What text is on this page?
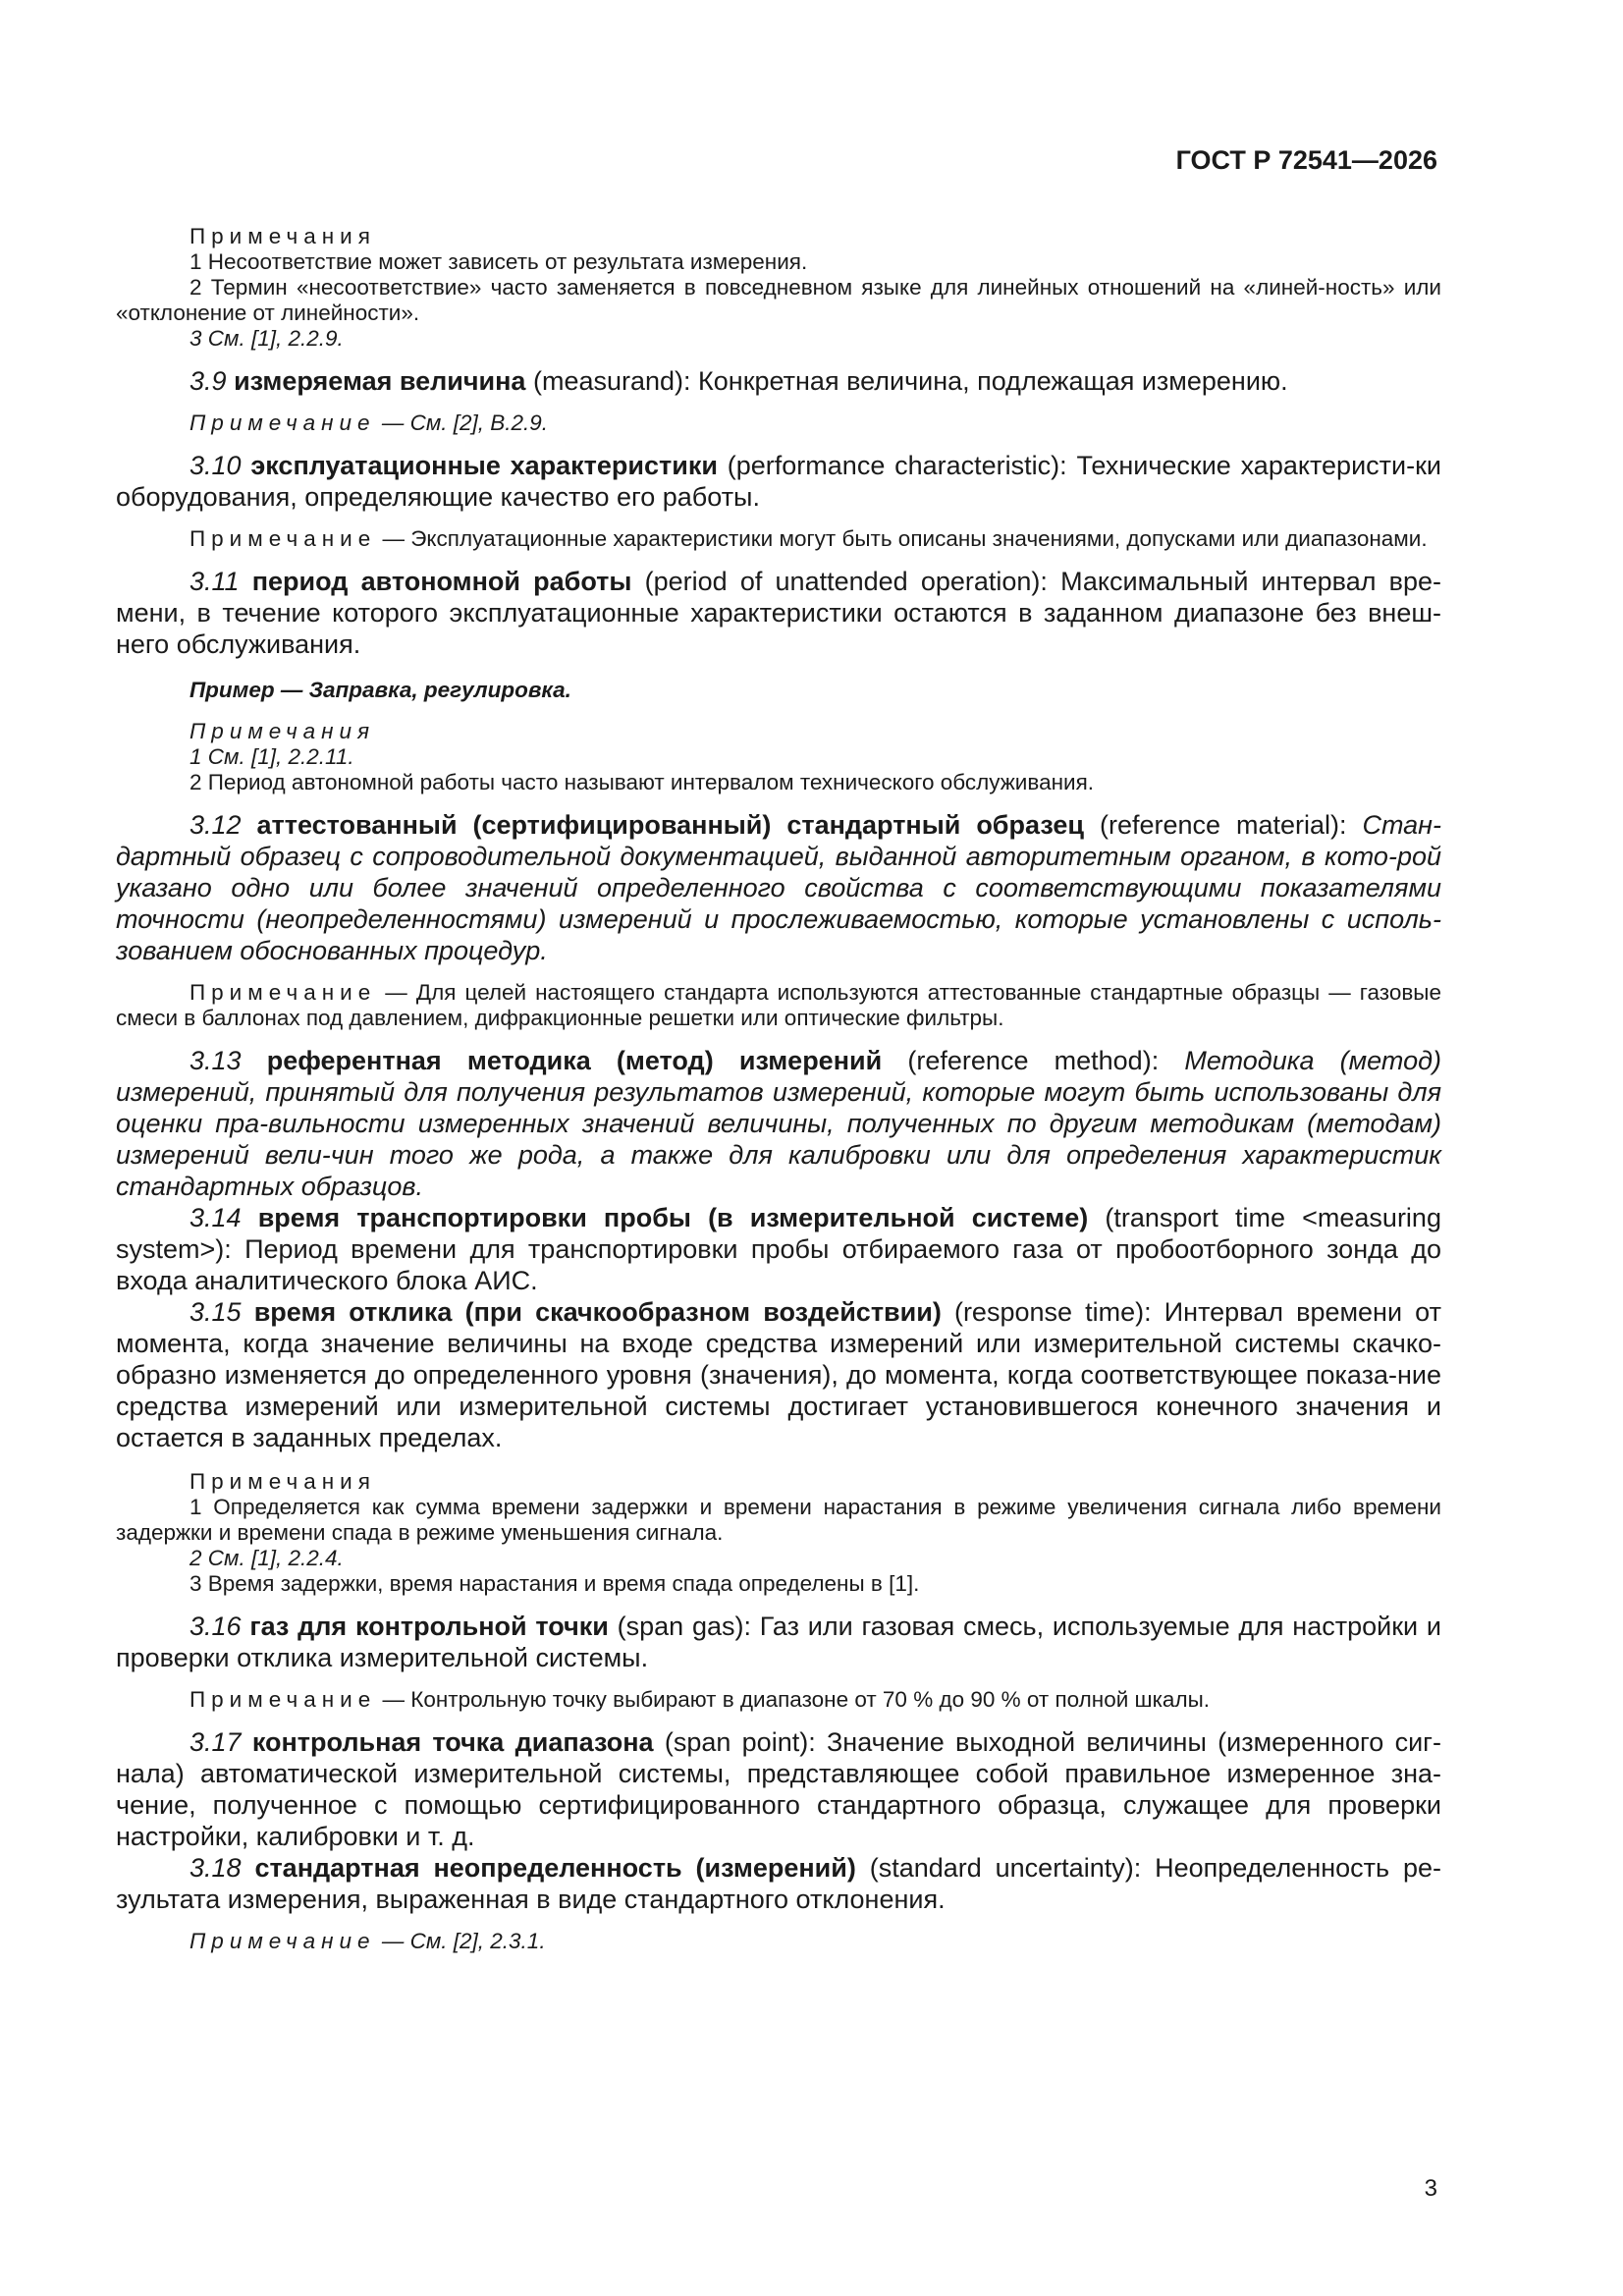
ГОСТ Р 72541—2026

Примечания

1 Несоответствие может зависеть от результата измерения.

2 Термин «несоответствие» часто заменяется в повседневном языке для линейных отношений на «линей-ность» или «отклонение от линейности».

3 См. [1], 2.2.9.

3.9 измеряемая величина (measurand): Конкретная величина, подлежащая измерению.

Примечание — См. [2], В.2.9.

3.10 эксплуатационные характеристики (performance characteristic): Технические характеристи-ки оборудования, определяющие качество его работы.

Примечание — Эксплуатационные характеристики могут быть описаны значениями, допусками или диапазонами.

3.11 период автономной работы (period of unattended operation): Максимальный интервал вре-мени, в течение которого эксплуатационные характеристики остаются в заданном диапазоне без внеш-него обслуживания.

Пример — Заправка, регулировка.

Примечания

1 См. [1], 2.2.11.

2 Период автономной работы часто называют интервалом технического обслуживания.

3.12 аттестованный (сертифицированный) стандартный образец (reference material): Стан-дартный образец с сопроводительной документацией, выданной авторитетным органом, в кото-рой указано одно или более значений определенного свойства с соответствующими показателями точности (неопределенностями) измерений и прослеживаемостью, которые установлены с исполь-зованием обоснованных процедур.

Примечание — Для целей настоящего стандарта используются аттестованные стандартные образцы — газовые смеси в баллонах под давлением, дифракционные решетки или оптические фильтры.

3.13 референтная методика (метод) измерений (reference method): Методика (метод) измерений, принятый для получения результатов измерений, которые могут быть использованы для оценки пра-вильности измеренных значений величины, полученных по другим методикам (методам) измерений вели-чин того же рода, а также для калибровки или для определения характеристик стандартных образцов.

3.14 время транспортировки пробы (в измерительной системе) (transport time <measuring system>): Период времени для транспортировки пробы отбираемого газа от пробоотборного зонда до входа аналитического блока АИС.

3.15 время отклика (при скачкообразном воздействии) (response time): Интервал времени от момента, когда значение величины на входе средства измерений или измерительной системы скачко-образно изменяется до определенного уровня (значения), до момента, когда соответствующее показа-ние средства измерений или измерительной системы достигает установившегося конечного значения и остается в заданных пределах.

Примечания

1 Определяется как сумма времени задержки и времени нарастания в режиме увеличения сигнала либо времени задержки и времени спада в режиме уменьшения сигнала.

2 См. [1], 2.2.4.

3 Время задержки, время нарастания и время спада определены в [1].

3.16 газ для контрольной точки (span gas): Газ или газовая смесь, используемые для настройки и проверки отклика измерительной системы.

Примечание — Контрольную точку выбирают в диапазоне от 70 % до 90 % от полной шкалы.

3.17 контрольная точка диапазона (span point): Значение выходной величины (измеренного сиг-нала) автоматической измерительной системы, представляющее собой правильное измеренное зна-чение, полученное с помощью сертифицированного стандартного образца, служащее для проверки настройки, калибровки и т. д.

3.18 стандартная неопределенность (измерений) (standard uncertainty): Неопределенность ре-зультата измерения, выраженная в виде стандартного отклонения.

Примечание — См. [2], 2.3.1.

3
